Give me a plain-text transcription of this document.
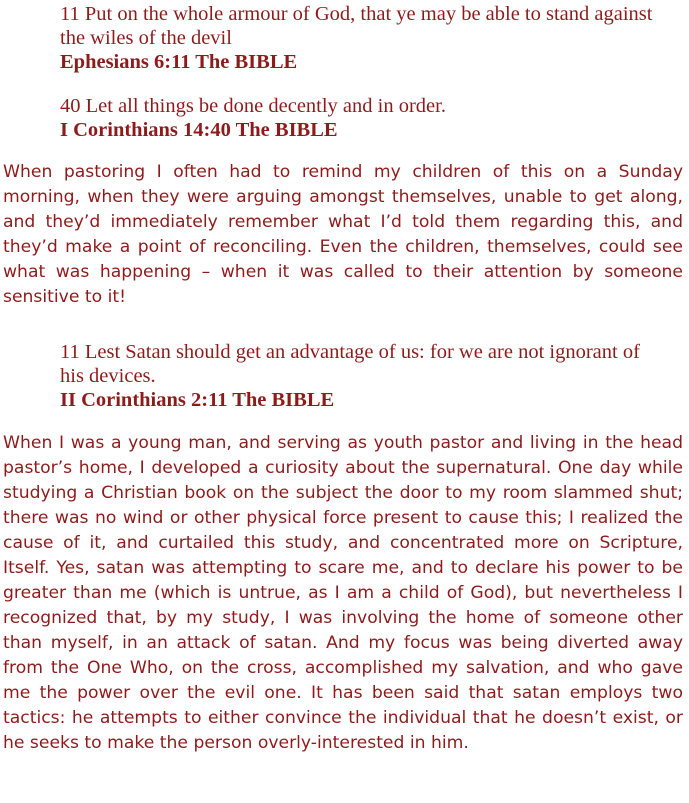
11 Put on the whole armour of God, that ye may be able to stand against the wiles of the devil
Ephesians 6:11 The BIBLE
40 Let all things be done decently and in order.
I Corinthians 14:40 The BIBLE
When pastoring I often had to remind my children of this on a Sunday morning, when they were arguing amongst themselves, unable to get along, and they’d immediately remember what I’d told them regarding this, and they’d make a point of reconciling. Even the children, themselves, could see what was happening – when it was called to their attention by someone sensitive to it!
11 Lest Satan should get an advantage of us: for we are not ignorant of his devices.
II Corinthians 2:11 The BIBLE
When I was a young man, and serving as youth pastor and living in the head pastor’s home, I developed a curiosity about the supernatural. One day while studying a Christian book on the subject the door to my room slammed shut; there was no wind or other physical force present to cause this; I realized the cause of it, and curtailed this study, and concentrated more on Scripture, Itself. Yes, satan was attempting to scare me, and to declare his power to be greater than me (which is untrue, as I am a child of God), but nevertheless I recognized that, by my study, I was involving the home of someone other than myself, in an attack of satan. And my focus was being diverted away from the One Who, on the cross, accomplished my salvation, and who gave me the power over the evil one. It has been said that satan employs two tactics: he attempts to either convince the individual that he doesn’t exist, or he seeks to make the person overly-interested in him.
